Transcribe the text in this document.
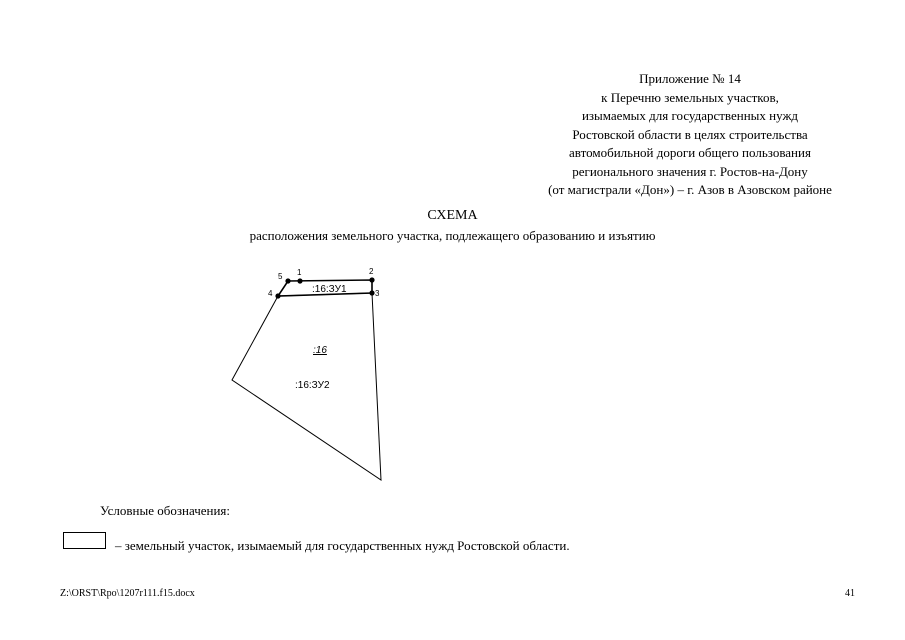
Приложение № 14
к Перечню земельных участков,
изымаемых для государственных нужд
Ростовской области в целях строительства
автомобильной дороги общего пользования
регионального значения г. Ростов-на-Дону
(от магистрали «Дон») – г. Азов в Азовском районе
СХЕМА
расположения земельного участка, подлежащего образованию и изъятию
1	2
3
4
5
:16:ЗУ1
:16
:16:ЗУ2
Условные обозначения:
– земельный участок, изымаемый для государственных нужд Ростовской области.
Z:\ORST\Rpo\1207r111.f15.docx	41
